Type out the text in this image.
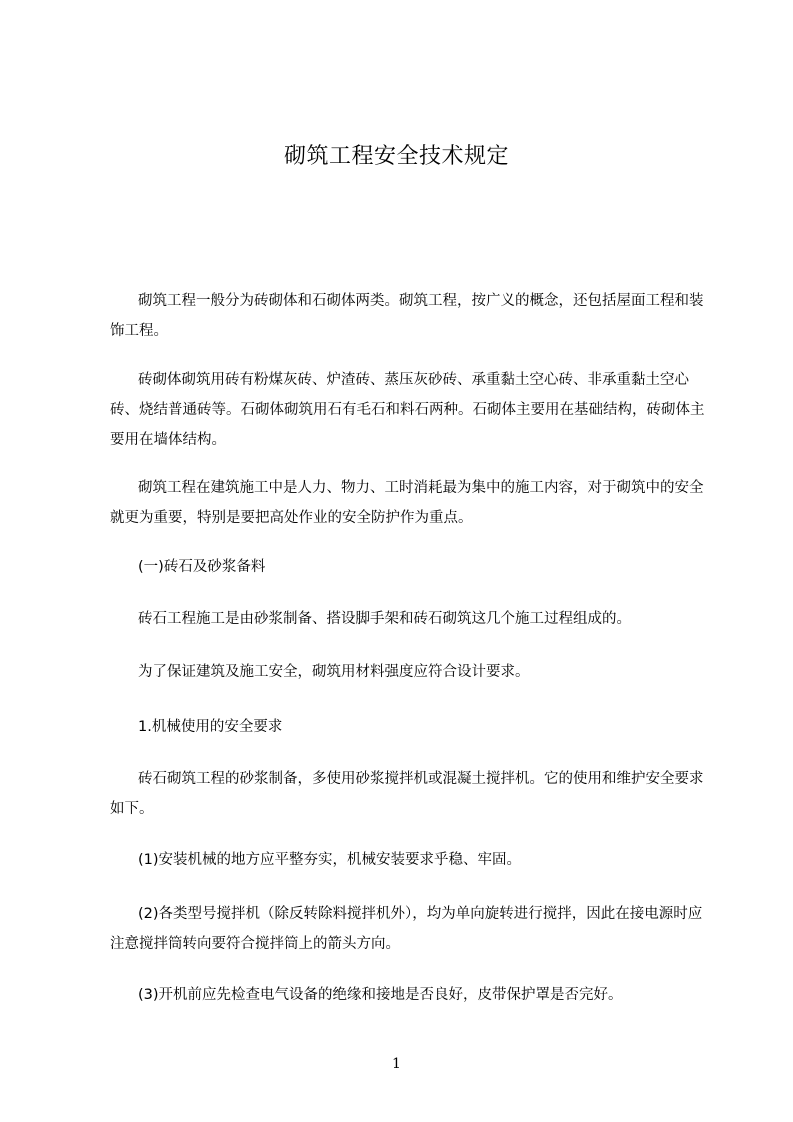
砌筑工程安全技术规定
砌筑工程一般分为砖砌体和石砌体两类。砌筑工程，按广义的概念，还包括屋面工程和装饰工程。
砖砌体砌筑用砖有粉煤灰砖、炉渣砖、蒸压灰砂砖、承重黏土空心砖、非承重黏土空心砖、烧结普通砖等。石砌体砌筑用石有毛石和料石两种。石砌体主要用在基础结构，砖砌体主要用在墙体结构。
砌筑工程在建筑施工中是人力、物力、工时消耗最为集中的施工内容，对于砌筑中的安全就更为重要，特别是要把高处作业的安全防护作为重点。
(一)砖石及砂浆备料
砖石工程施工是由砂浆制备、搭设脚手架和砖石砌筑这几个施工过程组成的。
为了保证建筑及施工安全，砌筑用材料强度应符合设计要求。
1.机械使用的安全要求
砖石砌筑工程的砂浆制备，多使用砂浆搅拌机或混凝土搅拌机。它的使用和维护安全要求如下。
(1)安装机械的地方应平整夯实，机械安装要求乎稳、牢固。
(2)各类型号搅拌机（除反转除料搅拌机外），均为单向旋转进行搅拌，因此在接电源时应注意搅拌筒转向要符合搅拌筒上的箭头方向。
(3)开机前应先检查电气设备的绝缘和接地是否良好，皮带保护罩是否完好。
1
